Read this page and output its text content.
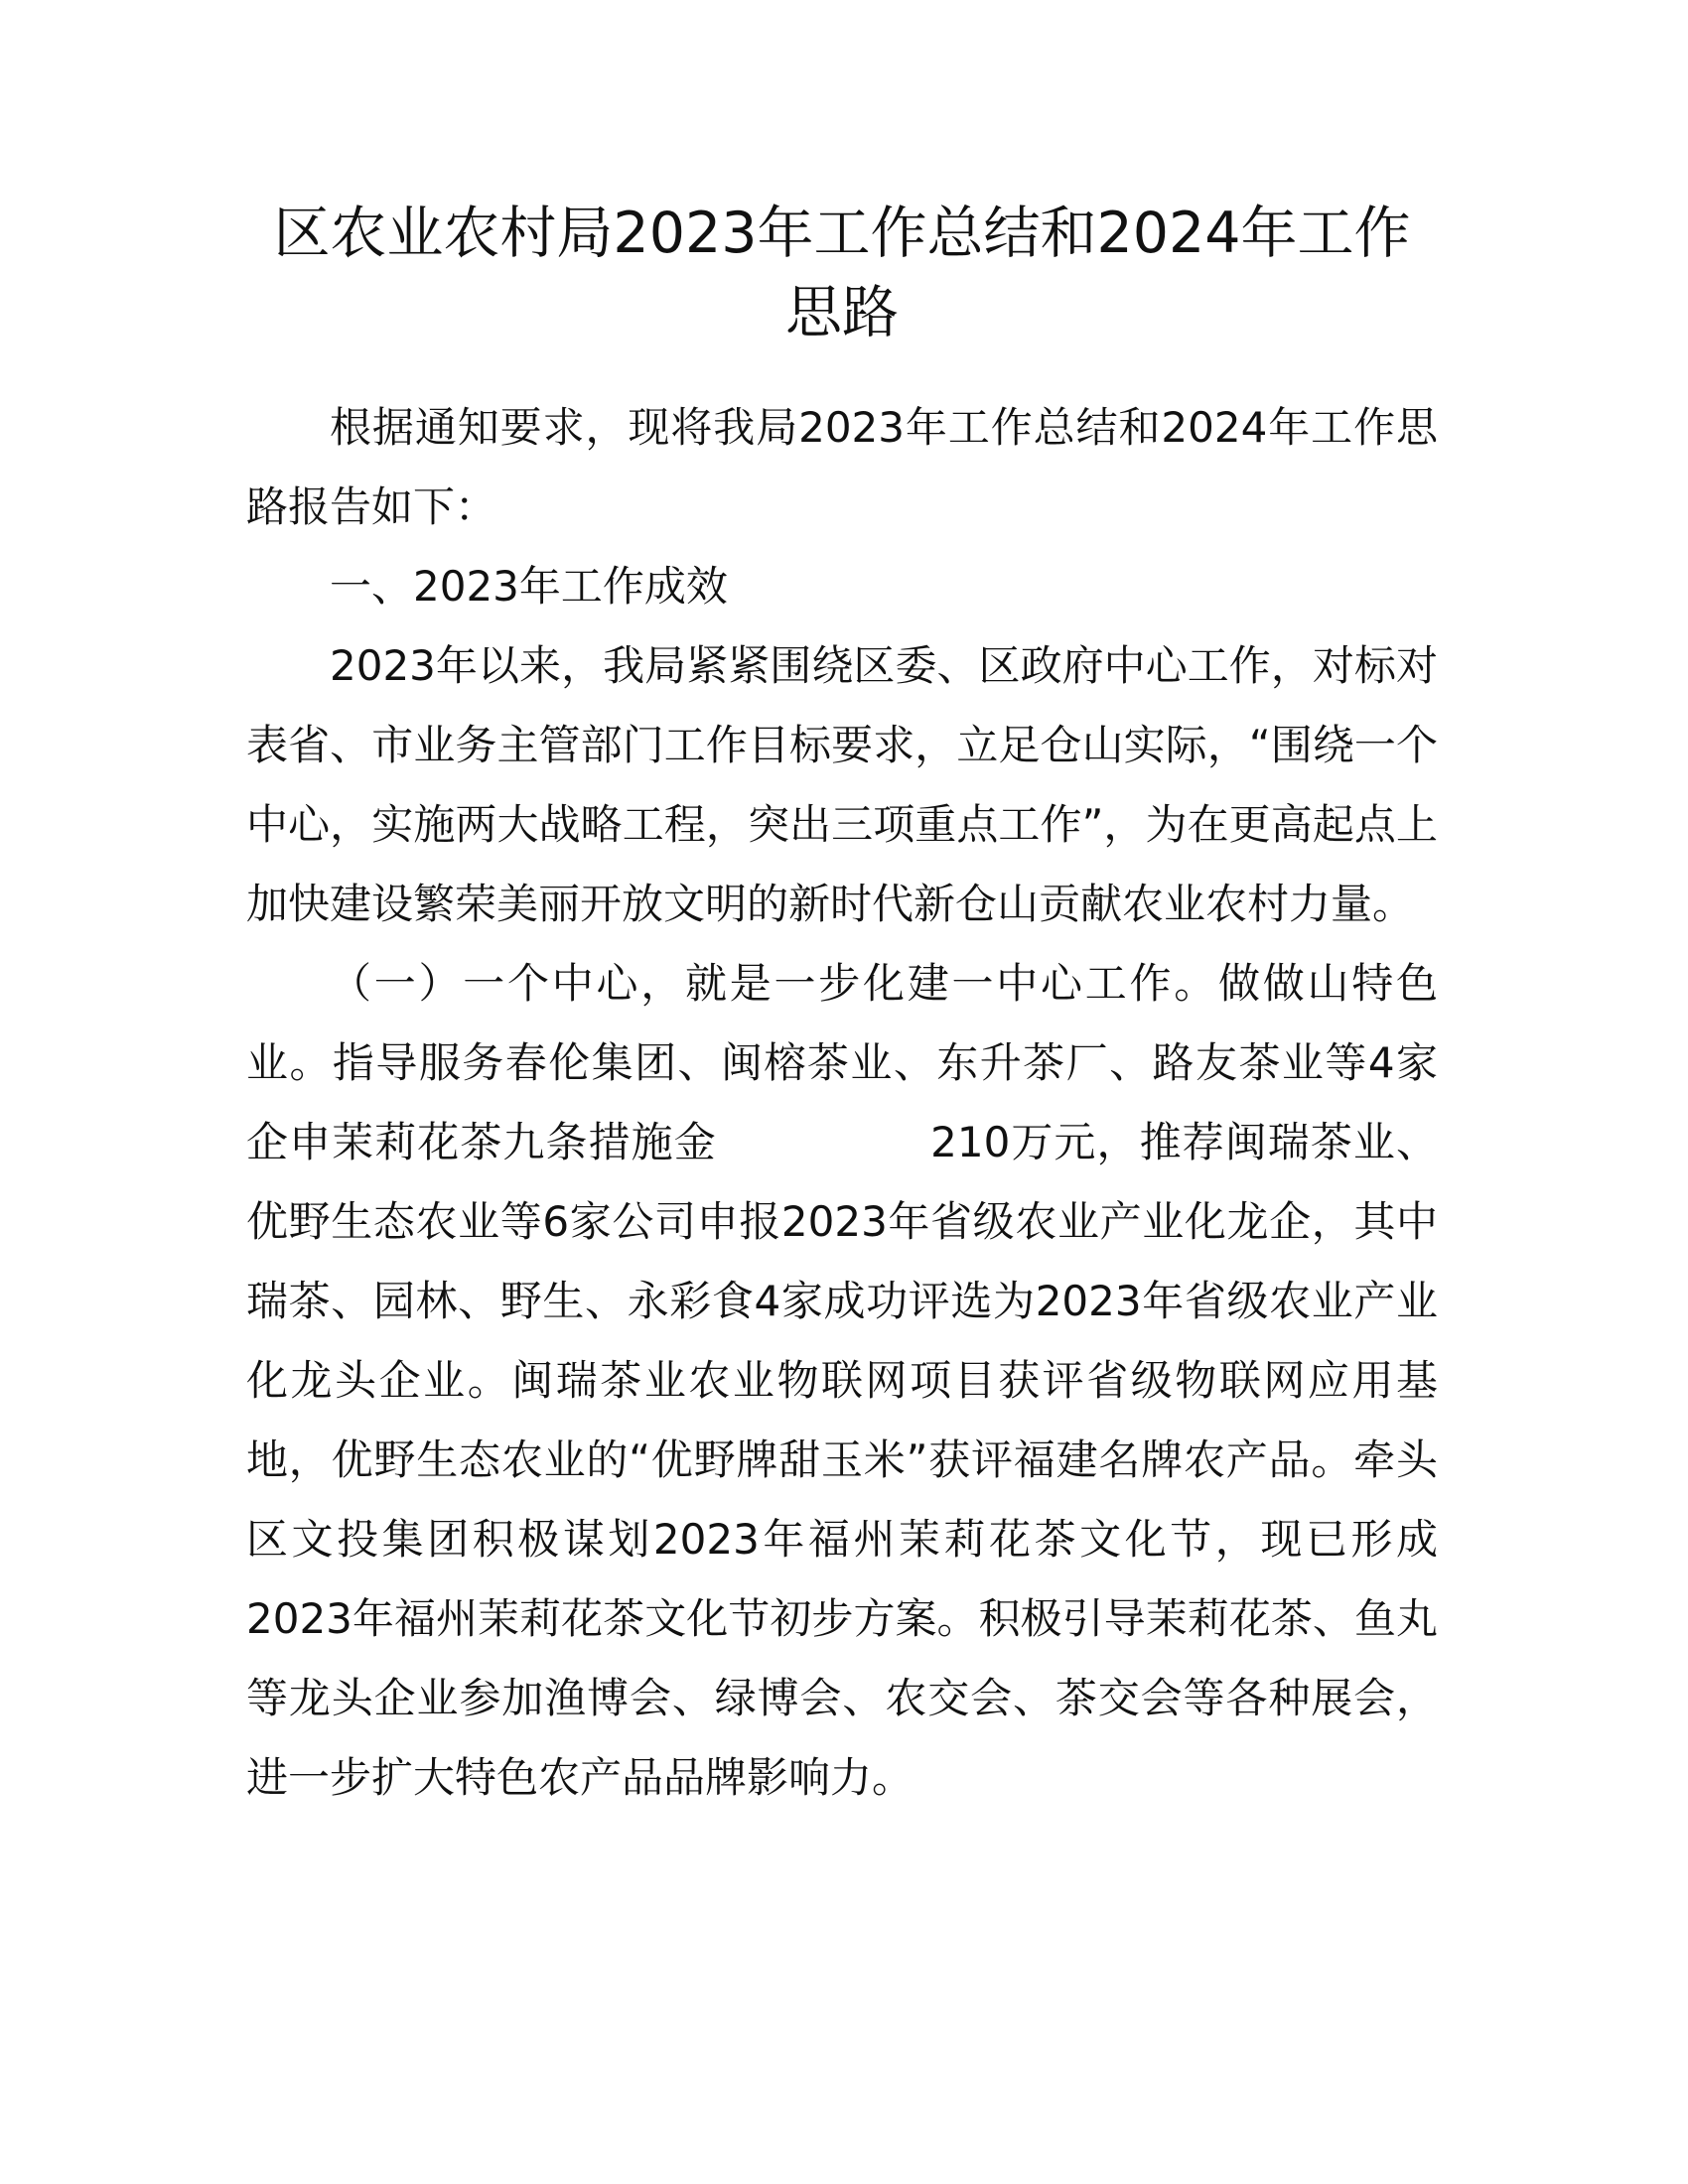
区农业农村局2023年工作总结和2024年工作
思路

根据通知要求，现将我局2023年工作总结和2024年工作思路报告如下：

一、2023年工作成效

2023年以来，我局紧紧围绕区委、区政府中心工作，对标对表省、市业务主管部门工作目标要求，立足仓山实际，“围绕一个中心，实施两大战略工程，突出三项重点工作”，为在更高起点上加快建设繁荣美丽开放文明的新时代新仓山贡献农业农村力量。

（一）一个中心，就是一步化建一中心工作。做做山特色业。指导服务春伦集团、闽榕茶业、东升茶厂、路友茶业等4家企申茉莉花茶九条措施金　　　　　210万元，推荐闽瑞茶业、优野生态农业等6家公司申报2023年省级农业产业化龙企，其中瑞茶、园林、野生、永彩食4家成功评选为2023年省级农业产业化龙头企业。闽瑞茶业农业物联网项目获评省级物联网应用基地，优野生态农业的“优野牌甜玉米”获评福建名牌农产品。牵头区文投集团积极谋划2023年福州茉莉花茶文化节，现已形成2023年福州茉莉花茶文化节初步方案。积极引导茉莉花茶、鱼丸等龙头企业参加渔博会、绿博会、农交会、茶交会等各种展会，进一步扩大特色农产品品牌影响力。
